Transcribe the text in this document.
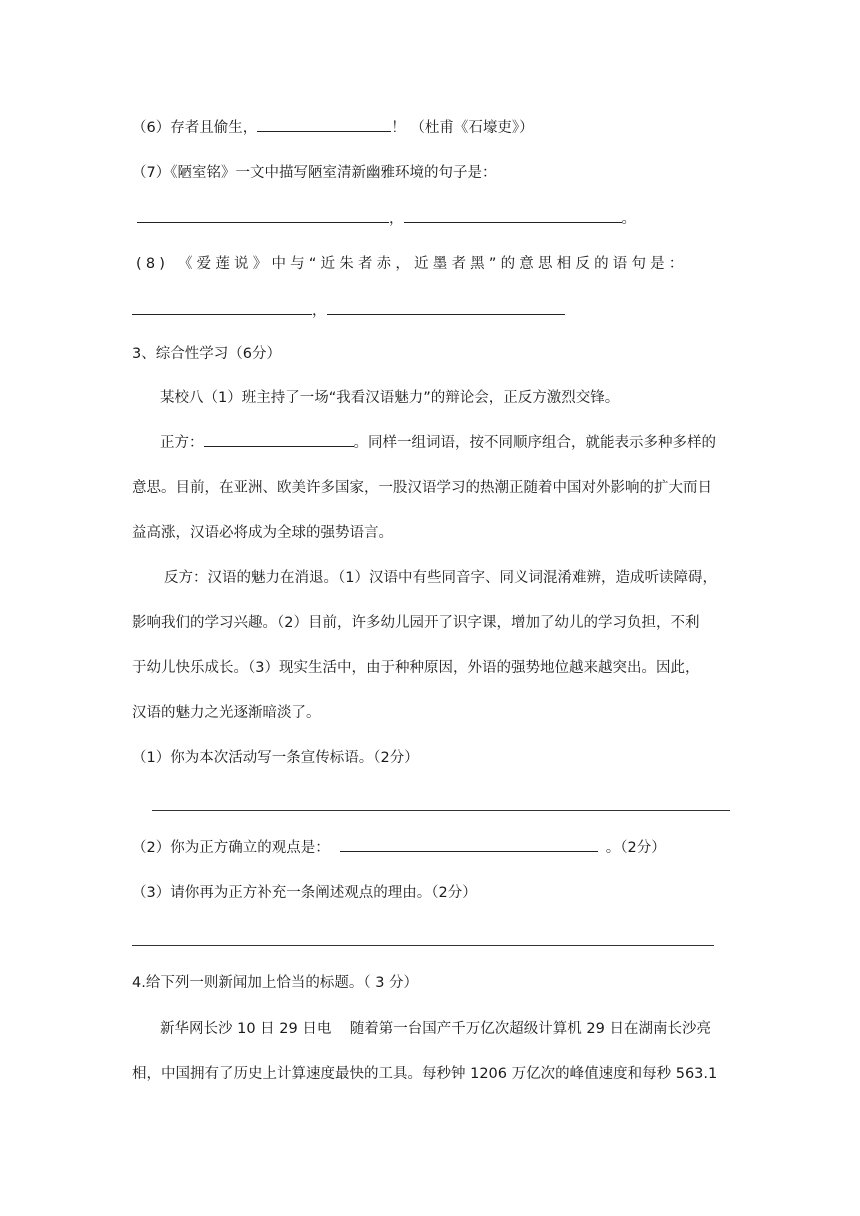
（6）存者且偷生，	！ （杜甫《石壕吏》）
（7）《陋室铭》一文中描写陋室清新幽雅环境的句子是：
，	。
(8) 《爱莲说》中与“近朱者赤，近墨者黑”的意思相反的语句是：
，
3、综合性学习（6分）
某校八（1）班主持了一场“我看汉语魅力”的辩论会，正反方激烈交锋。
正方：	。同样一组词语，按不同顺序组合，就能表示多种多样的
意思。目前，在亚洲、欧美许多国家，一股汉语学习的热潮正随着中国对外影响的扩大而日
益高涨，汉语必将成为全球的强势语言。
反方：汉语的魅力在消退。（1）汉语中有些同音字、同义词混淆难辨，造成听读障碍，
影响我们的学习兴趣。（2）目前，许多幼儿园开了识字课，增加了幼儿的学习负担，不利
于幼儿快乐成长。（3）现实生活中，由于种种原因，外语的强势地位越来越突出。因此，
汉语的魅力之光逐渐暗淡了。
（1）你为本次活动写一条宣传标语。（2分）
（2）你为正方确立的观点是：	。（2分）
（3）请你再为正方补充一条阐述观点的理由。（2分）
4.给下列一则新闻加上恰当的标题。（ 3 分）
新华网长沙 10 日 29 日电    随着第一台国产千万亿次超级计算机 29 日在湖南长沙亮
相，中国拥有了历史上计算速度最快的工具。每秒钟 1206 万亿次的峰值速度和每秒 563.1
